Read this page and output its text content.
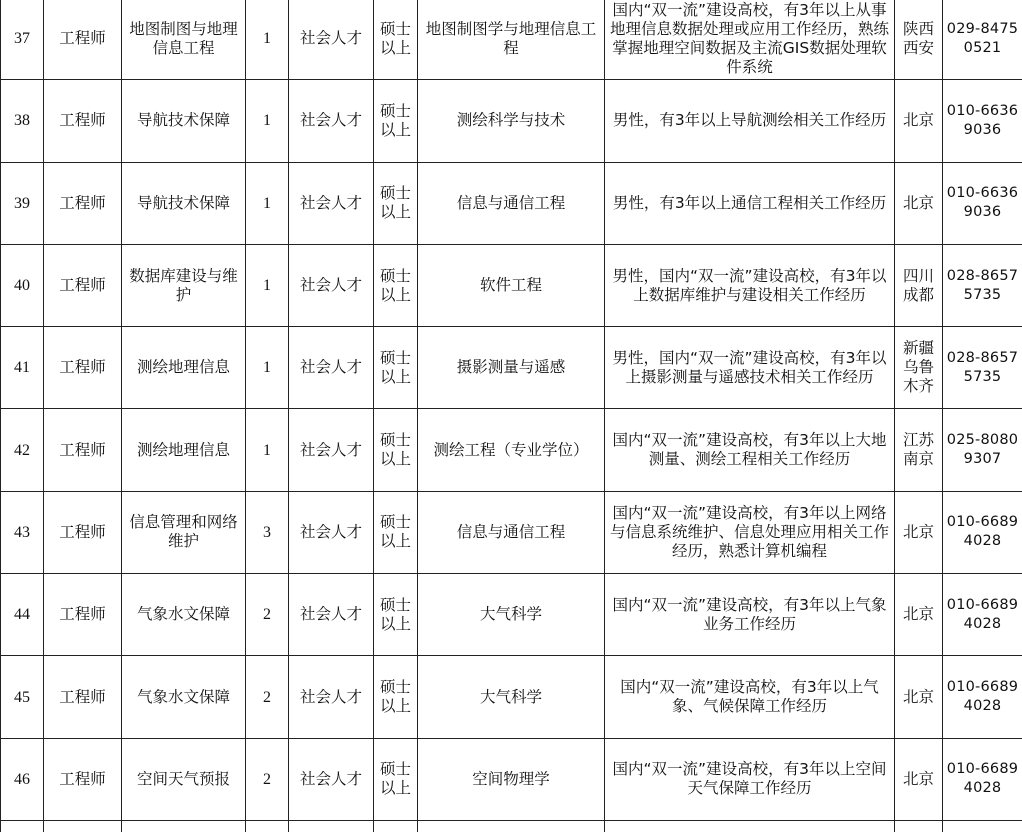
37	工程师	地图制图与地理信息工程	1	社会人才	硕士以上	地图制图学与地理信息工程	国内“双一流”建设高校，有3年以上从事地理信息数据处理或应用工作经历，熟练掌握地理空间数据及主流GIS数据处理软件系统	陕西西安	029-84750521
38	工程师	导航技术保障	1	社会人才	硕士以上	测绘科学与技术	男性，有3年以上导航测绘相关工作经历	北京	010-66369036
39	工程师	导航技术保障	1	社会人才	硕士以上	信息与通信工程	男性，有3年以上通信工程相关工作经历	北京	010-66369036
40	工程师	数据库建设与维护	1	社会人才	硕士以上	软件工程	男性，国内“双一流”建设高校，有3年以上数据库维护与建设相关工作经历	四川成都	028-86575735
41	工程师	测绘地理信息	1	社会人才	硕士以上	摄影测量与遥感	男性，国内“双一流”建设高校，有3年以上摄影测量与遥感技术相关工作经历	新疆乌鲁木齐	028-86575735
42	工程师	测绘地理信息	1	社会人才	硕士以上	测绘工程（专业学位）	国内“双一流”建设高校，有3年以上大地测量、测绘工程相关工作经历	江苏南京	025-80809307
43	工程师	信息管理和网络维护	3	社会人才	硕士以上	信息与通信工程	国内“双一流”建设高校，有3年以上网络与信息系统维护、信息处理应用相关工作经历，熟悉计算机编程	北京	010-66894028
44	工程师	气象水文保障	2	社会人才	硕士以上	大气科学	国内“双一流”建设高校，有3年以上气象业务工作经历	北京	010-66894028
45	工程师	气象水文保障	2	社会人才	硕士以上	大气科学	国内“双一流”建设高校，有3年以上气象、气候保障工作经历	北京	010-66894028
46	工程师	空间天气预报	2	社会人才	硕士以上	空间物理学	国内“双一流”建设高校，有3年以上空间天气保障工作经历	北京	010-66894028
